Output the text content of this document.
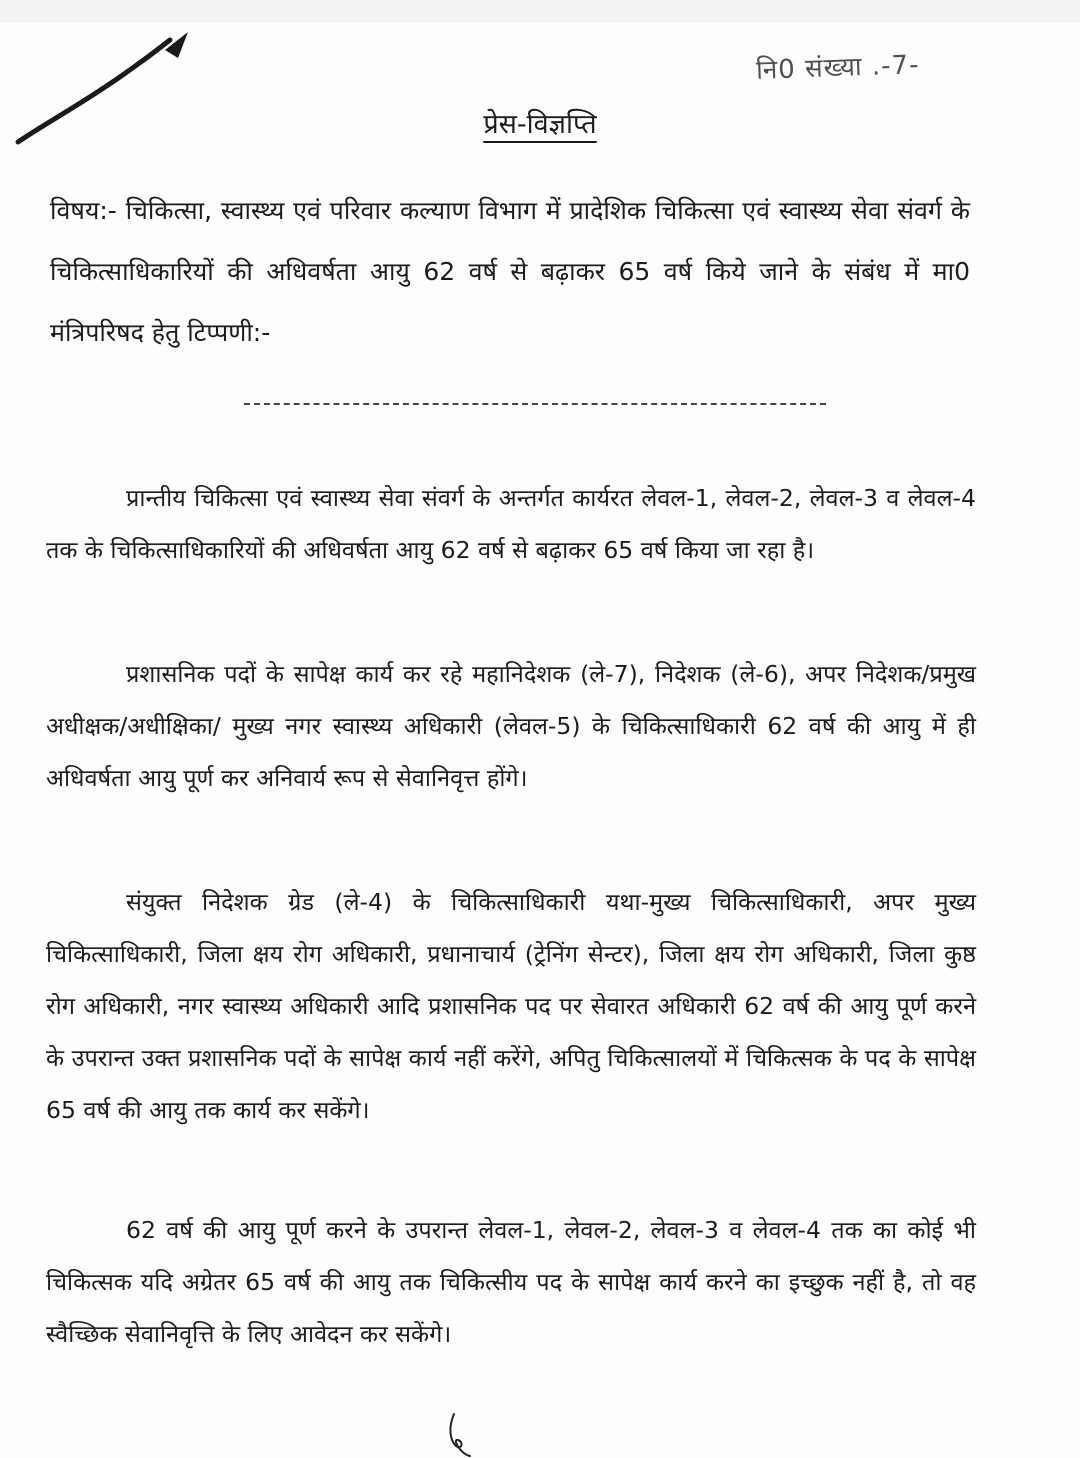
नि0 संख्या .-7-
प्रेस-विज्ञप्ति
विषय:- चिकित्सा, स्वास्थ्य एवं परिवार कल्याण विभाग में प्रादेशिक चिकित्सा एवं स्वास्थ्य सेवा संवर्ग के चिकित्साधिकारियों की अधिवर्षता आयु 62 वर्ष से बढ़ाकर 65 वर्ष किये जाने के संबंध में मा0 मंत्रिपरिषद हेतु टिप्पणी:-
प्रान्तीय चिकित्सा एवं स्वास्थ्य सेवा संवर्ग के अन्तर्गत कार्यरत लेवल-1, लेवल-2, लेवल-3 व लेवल-4 तक के चिकित्साधिकारियों की अधिवर्षता आयु 62 वर्ष से बढ़ाकर 65 वर्ष किया जा रहा है।
प्रशासनिक पदों के सापेक्ष कार्य कर रहे महानिदेशक (ले-7), निदेशक (ले-6), अपर निदेशक/प्रमुख अधीक्षक/अधीक्षिका/ मुख्य नगर स्वास्थ्य अधिकारी (लेवल-5) के चिकित्साधिकारी 62 वर्ष की आयु में ही अधिवर्षता आयु पूर्ण कर अनिवार्य रूप से सेवानिवृत्त होंगे।
संयुक्त निदेशक ग्रेड (ले-4) के चिकित्साधिकारी यथा-मुख्य चिकित्साधिकारी, अपर मुख्य चिकित्साधिकारी, जिला क्षय रोग अधिकारी, प्रधानाचार्य (ट्रेनिंग सेन्टर), जिला क्षय रोग अधिकारी, जिला कुष्ठ रोग अधिकारी, नगर स्वास्थ्य अधिकारी आदि प्रशासनिक पद पर सेवारत अधिकारी 62 वर्ष की आयु पूर्ण करने के उपरान्त उक्त प्रशासनिक पदों के सापेक्ष कार्य नहीं करेंगे, अपितु चिकित्सालयों में चिकित्सक के पद के सापेक्ष 65 वर्ष की आयु तक कार्य कर सकेंगे।
62 वर्ष की आयु पूर्ण करने के उपरान्त लेवल-1, लेवल-2, लेवल-3 व लेवल-4 तक का कोई भी चिकित्सक यदि अग्रेतर 65 वर्ष की आयु तक चिकित्सीय पद के सापेक्ष कार्य करने का इच्छुक नहीं है, तो वह स्वैच्छिक सेवानिवृत्ति के लिए आवेदन कर सकेंगे।
